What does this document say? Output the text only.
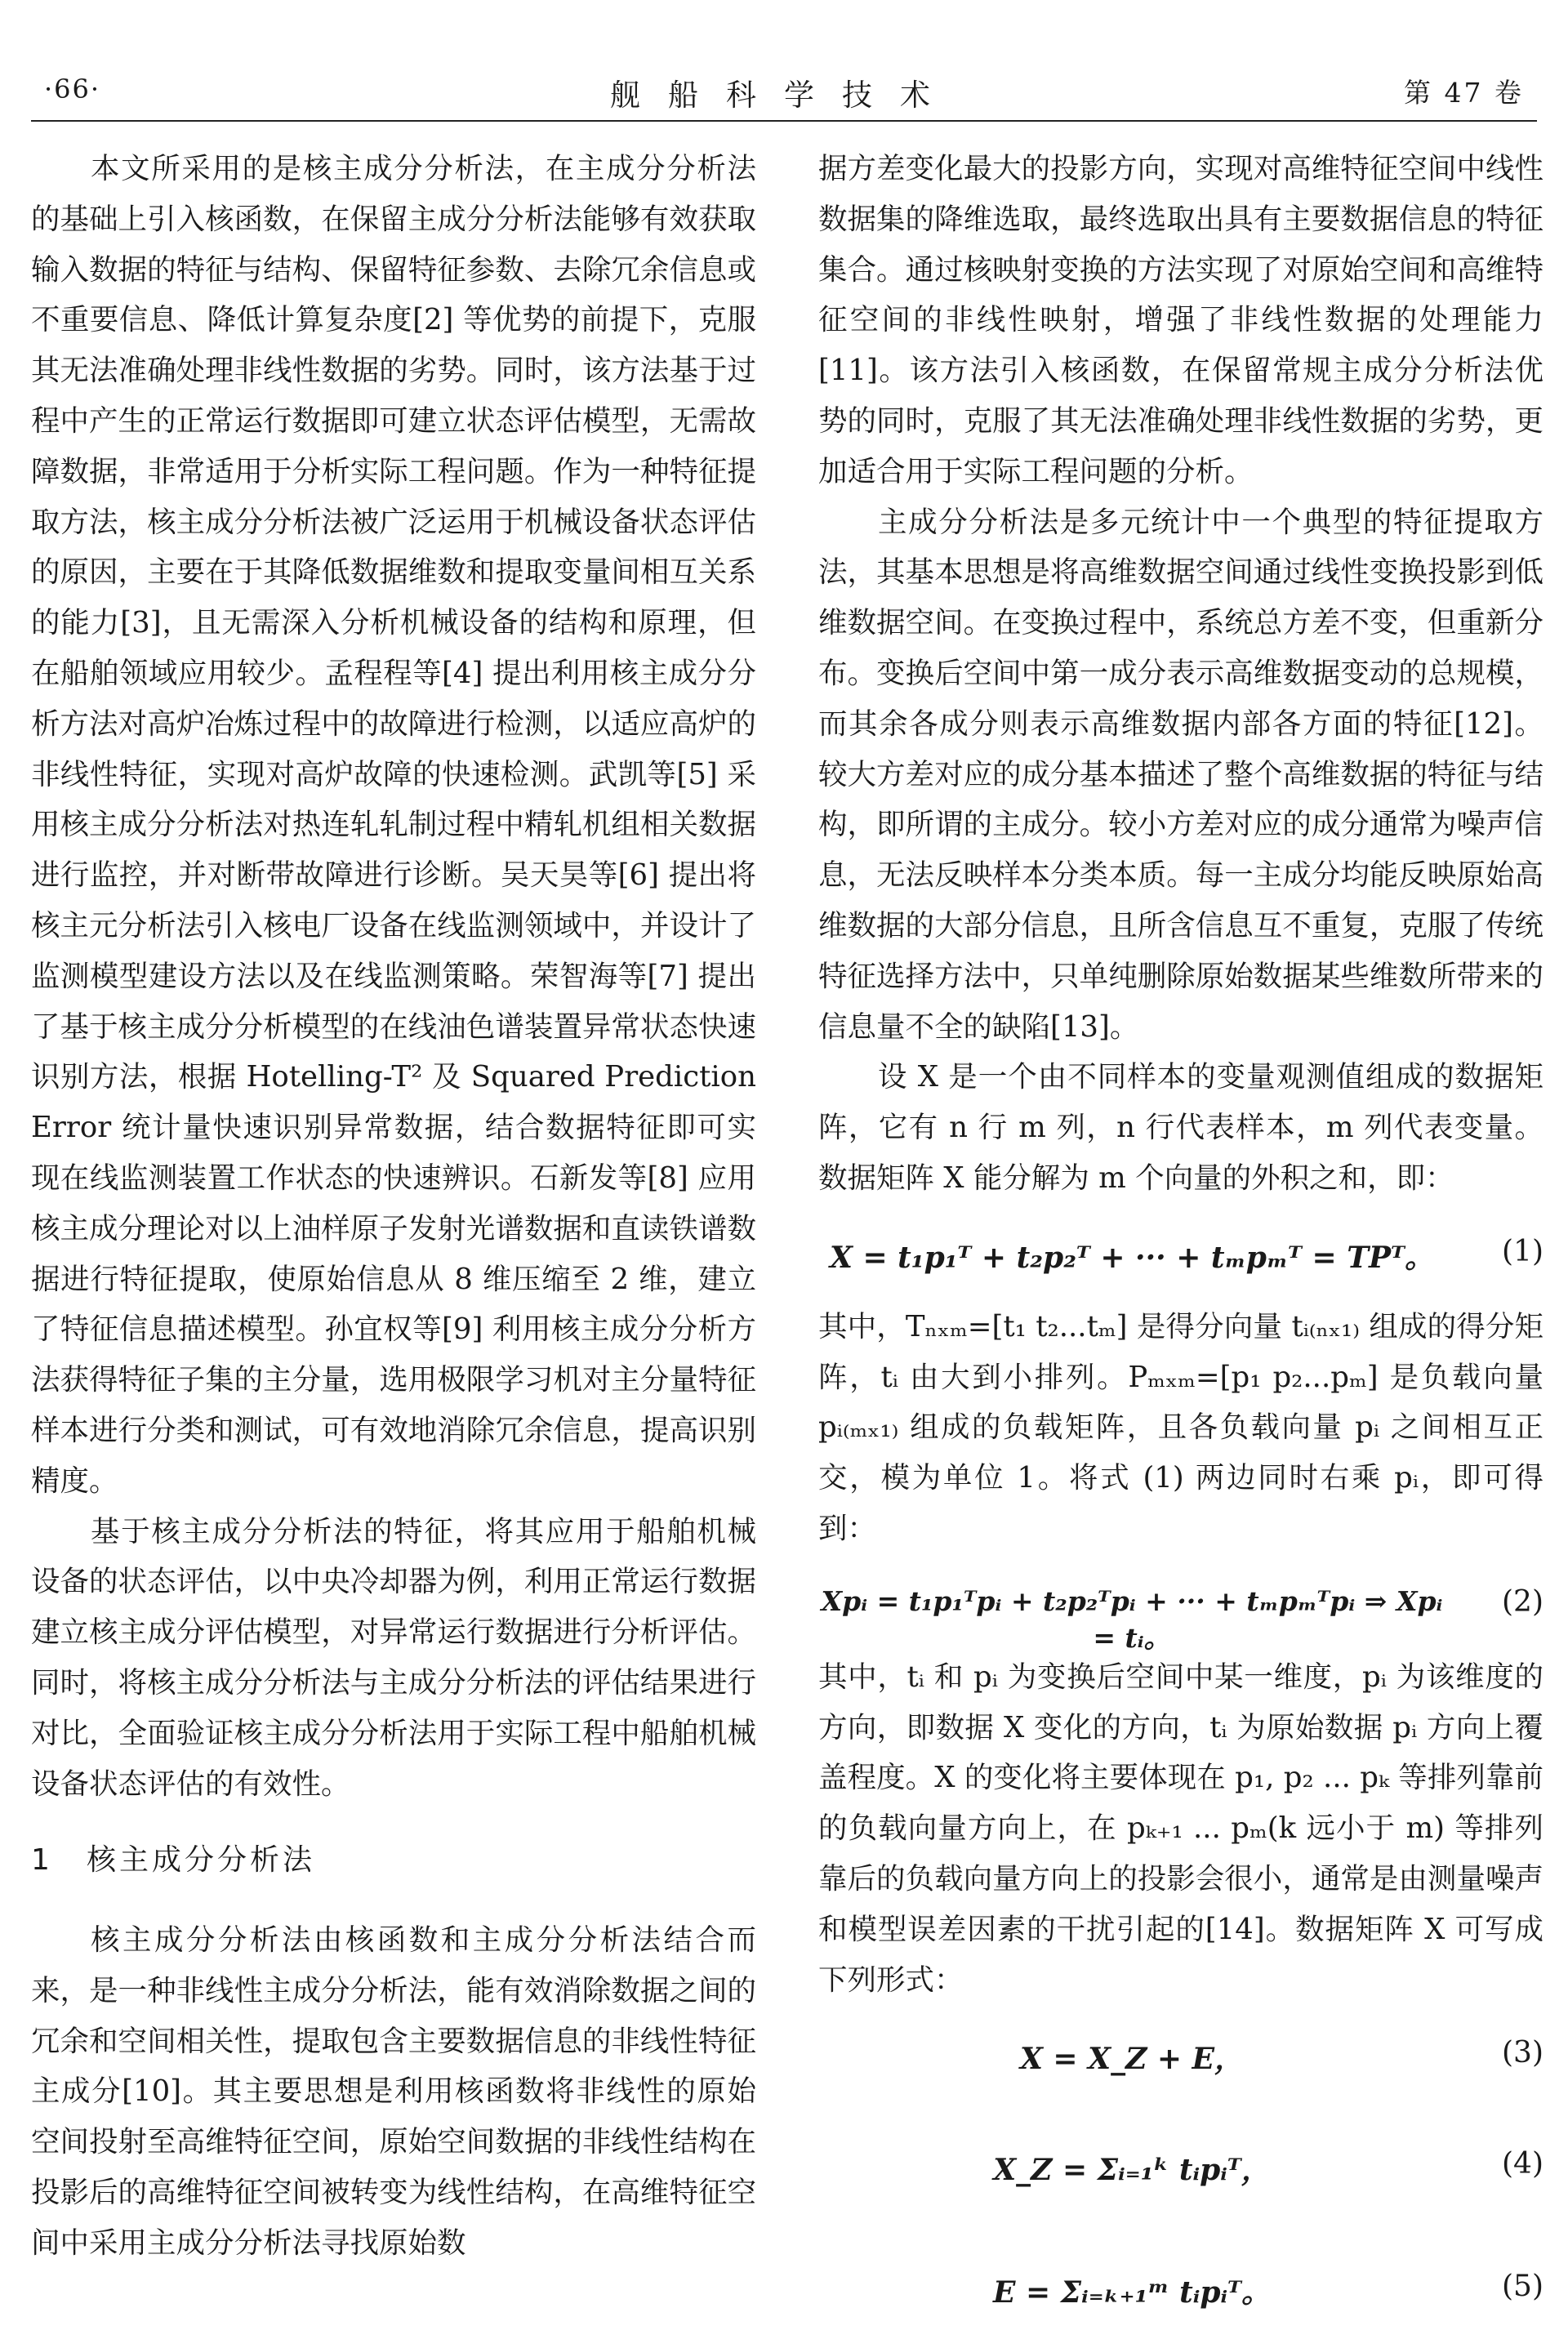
·66·	舰船科学技术	第 47 卷

本文所采用的是核主成分分析法，在主成分分析法的基础上引入核函数，在保留主成分分析法能够有效获取输入数据的特征与结构、保留特征参数、去除冗余信息或不重要信息、降低计算复杂度[2] 等优势的前提下，克服其无法准确处理非线性数据的劣势。同时，该方法基于过程中产生的正常运行数据即可建立状态评估模型，无需故障数据，非常适用于分析实际工程问题。作为一种特征提取方法，核主成分分析法被广泛运用于机械设备状态评估的原因，主要在于其降低数据维数和提取变量间相互关系的能力[3]，且无需深入分析机械设备的结构和原理，但在船舶领域应用较少。孟程程等[4] 提出利用核主成分分析方法对高炉冶炼过程中的故障进行检测，以适应高炉的非线性特征，实现对高炉故障的快速检测。武凯等[5] 采用核主成分分析法对热连轧轧制过程中精轧机组相关数据进行监控，并对断带故障进行诊断。吴天昊等[6] 提出将核主元分析法引入核电厂设备在线监测领域中，并设计了监测模型建设方法以及在线监测策略。荣智海等[7] 提出了基于核主成分分析模型的在线油色谱装置异常状态快速识别方法，根据 Hotelling-T² 及 Squared Prediction Error 统计量快速识别异常数据，结合数据特征即可实现在线监测装置工作状态的快速辨识。石新发等[8] 应用核主成分理论对以上油样原子发射光谱数据和直读铁谱数据进行特征提取，使原始信息从 8 维压缩至 2 维，建立了特征信息描述模型。孙宜权等[9] 利用核主成分分析方法获得特征子集的主分量，选用极限学习机对主分量特征样本进行分类和测试，可有效地消除冗余信息，提高识别精度。

基于核主成分分析法的特征，将其应用于船舶机械设备的状态评估，以中央冷却器为例，利用正常运行数据建立核主成分评估模型，对异常运行数据进行分析评估。同时，将核主成分分析法与主成分分析法的评估结果进行对比，全面验证核主成分分析法用于实际工程中船舶机械设备状态评估的有效性。

1 核主成分分析法

核主成分分析法由核函数和主成分分析法结合而来，是一种非线性主成分分析法，能有效消除数据之间的冗余和空间相关性，提取包含主要数据信息的非线性特征主成分[10]。其主要思想是利用核函数将非线性的原始空间投射至高维特征空间，原始空间数据的非线性结构在投影后的高维特征空间被转变为线性结构，在高维特征空间中采用主成分分析法寻找原始数

据方差变化最大的投影方向，实现对高维特征空间中线性数据集的降维选取，最终选取出具有主要数据信息的特征集合。通过核映射变换的方法实现了对原始空间和高维特征空间的非线性映射，增强了非线性数据的处理能力[11]。该方法引入核函数，在保留常规主成分分析法优势的同时，克服了其无法准确处理非线性数据的劣势，更加适合用于实际工程问题的分析。

主成分分析法是多元统计中一个典型的特征提取方法，其基本思想是将高维数据空间通过线性变换投影到低维数据空间。在变换过程中，系统总方差不变，但重新分布。变换后空间中第一成分表示高维数据变动的总规模，而其余各成分则表示高维数据内部各方面的特征[12]。较大方差对应的成分基本描述了整个高维数据的特征与结构，即所谓的主成分。较小方差对应的成分通常为噪声信息，无法反映样本分类本质。每一主成分均能反映原始高维数据的大部分信息，且所含信息互不重复，克服了传统特征选择方法中，只单纯删除原始数据某些维数所带来的信息量不全的缺陷[13]。

设 X 是一个由不同样本的变量观测值组成的数据矩阵，它有 n 行 m 列，n 行代表样本，m 列代表变量。数据矩阵 X 能分解为 m 个向量的外积之和，即：

X = t₁p₁ᵀ + t₂p₂ᵀ + ··· + tₘpₘᵀ = TPᵀ。	(1)

其中，Tₙₓₘ=[t₁ t₂...tₘ] 是得分向量 tᵢ₍ₙₓ₁₎ 组成的得分矩阵，tᵢ 由大到小排列。Pₘₓₘ=[p₁ p₂...pₘ] 是负载向量 pᵢ₍ₘₓ₁₎ 组成的负载矩阵，且各负载向量 pᵢ 之间相互正交，模为单位 1。将式 (1) 两边同时右乘 pᵢ，即可得到：

Xpᵢ = t₁p₁ᵀpᵢ + t₂p₂ᵀpᵢ + ··· + tₘpₘᵀpᵢ ⇒ Xpᵢ = tᵢ。
(2)

其中，tᵢ 和 pᵢ 为变换后空间中某一维度，pᵢ 为该维度的方向，即数据 X 变化的方向，tᵢ 为原始数据 pᵢ 方向上覆盖程度。X 的变化将主要体现在 p₁, p₂ ... pₖ 等排列靠前的负载向量方向上，在 pₖ₊₁ ... pₘ(k 远小于 m) 等排列靠后的负载向量方向上的投影会很小，通常是由测量噪声和模型误差因素的干扰引起的[14]。数据矩阵 X 可写成下列形式：

X = X_Z + E，	(3)
X_Z = Σᵢ₌₁ᵏ tᵢpᵢᵀ，	(4)
E = Σᵢ₌ₖ₊₁ᵐ tᵢpᵢᵀ。	(5)
